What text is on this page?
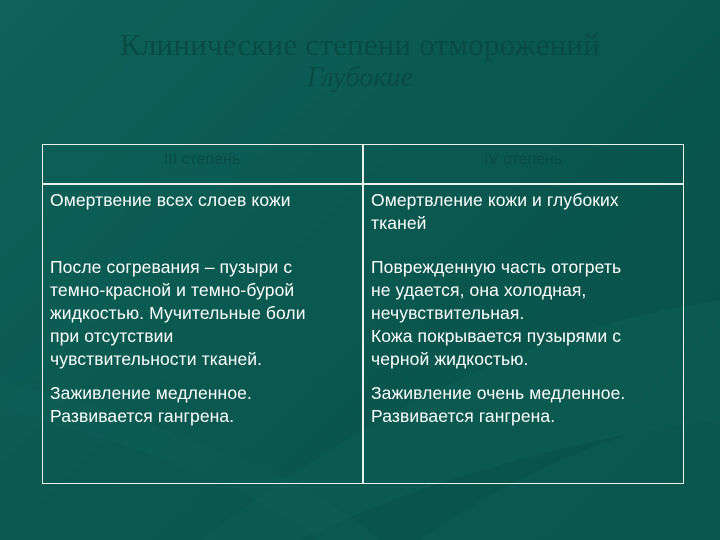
Клинические степени отморожений
Глубокие
III степень	IV степень
Омертвение всех слоев кожи	Омертвление кожи и глубоких
тканей
После согревания – пузыри с
темно-красной и темно-бурой
жидкостью. Мучительные боли
при отсутствии
чувствительности тканей.
Поврежденную часть отогреть
не удается, она холодная,
нечувствительная.
Кожа покрывается пузырями с
черной жидкостью.
Заживление медленное.
Развивается гангрена.
Заживление очень медленное.
Развивается гангрена.
